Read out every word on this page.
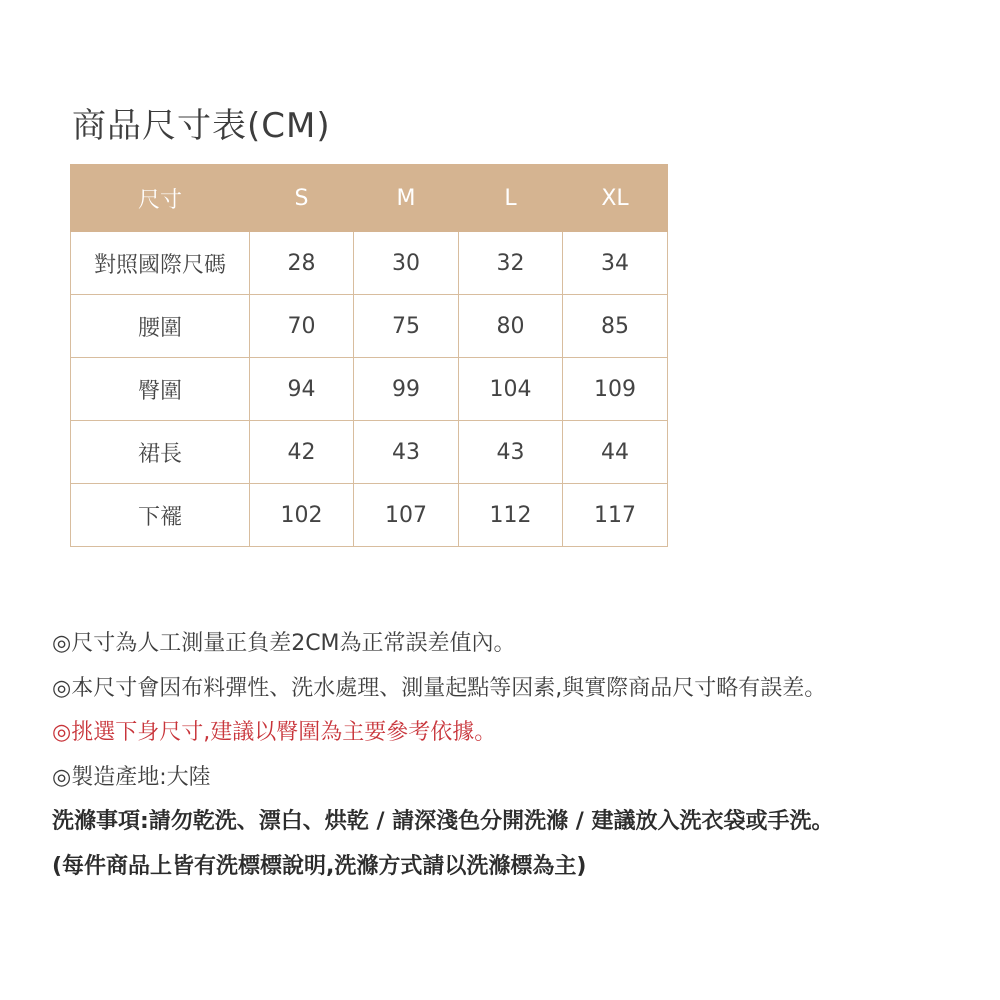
商品尺寸表(CM)
尺寸	S	M	L	XL
對照國際尺碼	28	30	32	34
腰圍	70	75	80	85
臀圍	94	99	104	109
裙長	42	43	43	44
下襬	102	107	112	117
◎尺寸為人工測量正負差2CM為正常誤差值內。
◎本尺寸會因布料彈性、洗水處理、測量起點等因素,與實際商品尺寸略有誤差。
◎挑選下身尺寸,建議以臀圍為主要參考依據。
◎製造產地:大陸
洗滌事項:請勿乾洗、漂白、烘乾 / 請深淺色分開洗滌 / 建議放入洗衣袋或手洗。
(每件商品上皆有洗標標說明,洗滌方式請以洗滌標為主)
